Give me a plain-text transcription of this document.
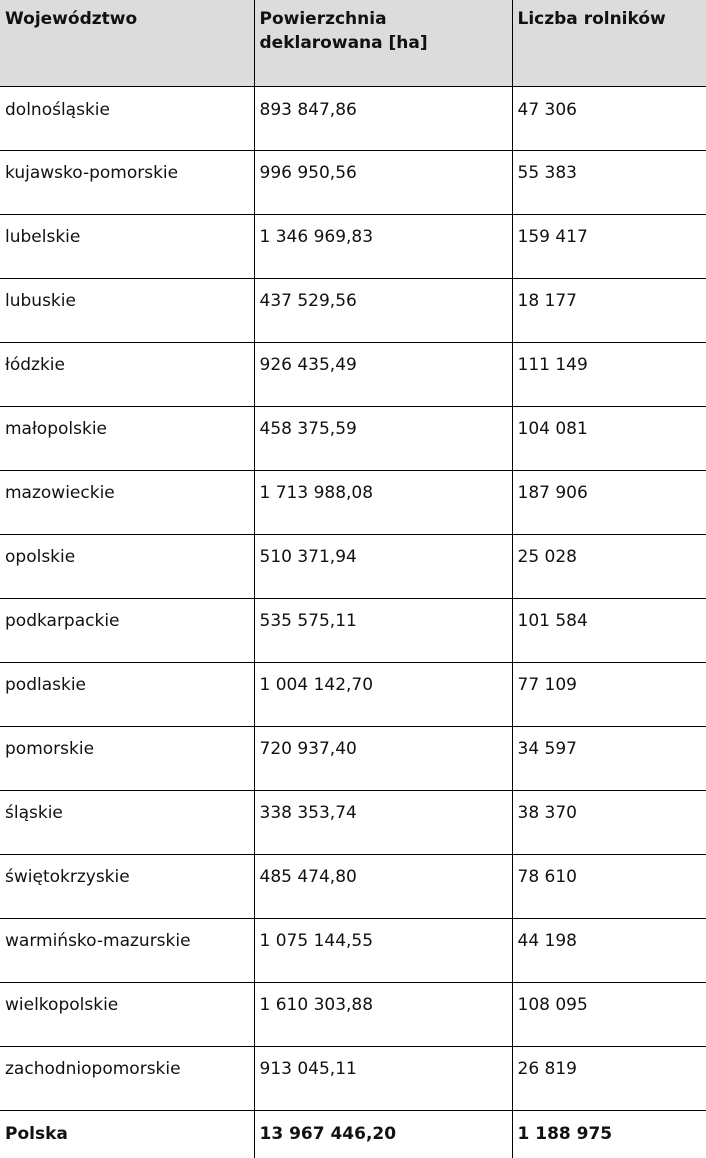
Województwo	Powierzchnia deklarowana [ha]	Liczba rolników
dolnośląskie	893 847,86	47 306
kujawsko-pomorskie	996 950,56	55 383
lubelskie	1 346 969,83	159 417
lubuskie	437 529,56	18 177
łódzkie	926 435,49	111 149
małopolskie	458 375,59	104 081
mazowieckie	1 713 988,08	187 906
opolskie	510 371,94	25 028
podkarpackie	535 575,11	101 584
podlaskie	1 004 142,70	77 109
pomorskie	720 937,40	34 597
śląskie	338 353,74	38 370
świętokrzyskie	485 474,80	78 610
warmińsko-mazurskie	1 075 144,55	44 198
wielkopolskie	1 610 303,88	108 095
zachodniopomorskie	913 045,11	26 819
Polska	13 967 446,20	1 188 975
